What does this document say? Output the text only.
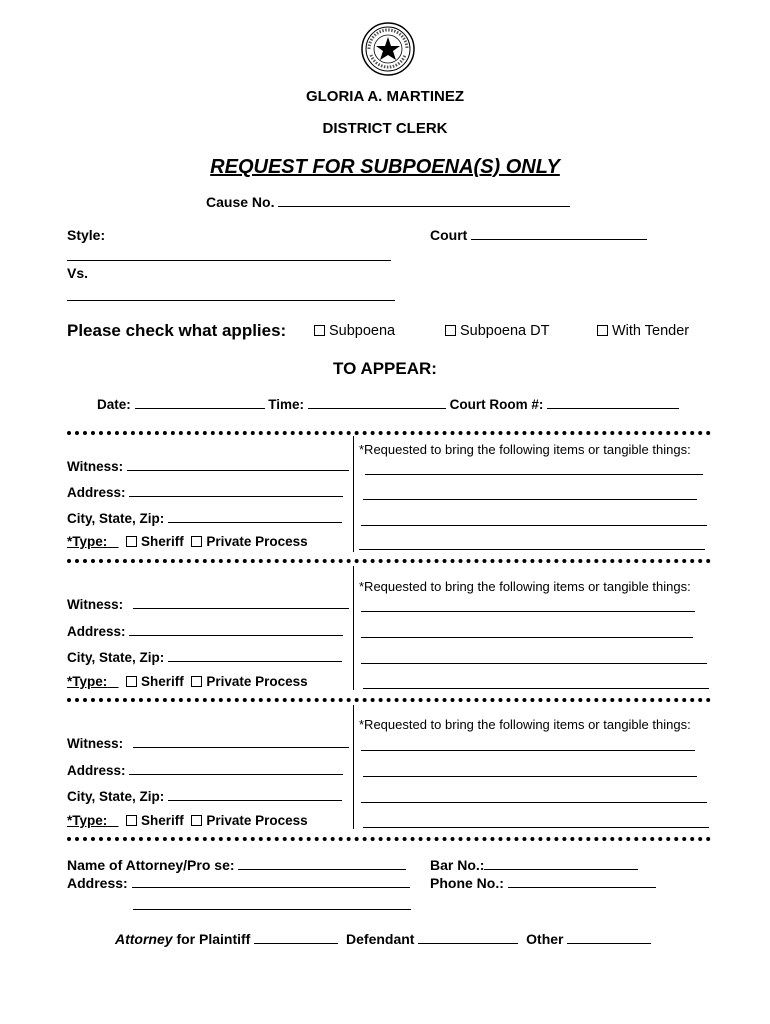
GLORIA A. MARTINEZ
DISTRICT CLERK
REQUEST FOR SUBPOENA(S) ONLY
Cause No.
Style:	Court
Vs.
Please check what applies:	Subpoena	Subpoena DT	With Tender
TO APPEAR:
Date:	Time:	Court Room #:
Witness:
Address:
City, State, Zip:
*Type:	Sheriff Private Process
*Requested to bring the following items or tangible things:
Witness:
Address:
City, State, Zip:
*Type:	Sheriff Private Process
*Requested to bring the following items or tangible things:
Witness:
Address:
City, State, Zip:
*Type:	Sheriff Private Process
*Requested to bring the following items or tangible things:
Name of Attorney/Pro se:	Bar No.:
Address:	Phone No.:
Attorney for Plaintiff	Defendant	Other
